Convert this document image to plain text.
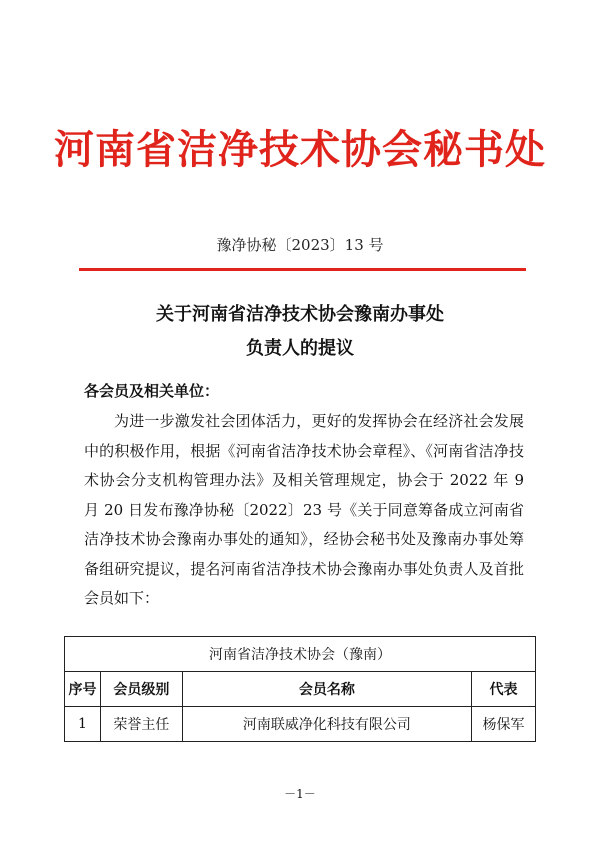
河南省洁净技术协会秘书处
豫净协秘〔2023〕13 号
关于河南省洁净技术协会豫南办事处
负责人的提议
各会员及相关单位：
为进一步激发社会团体活力，更好的发挥协会在经济社会发展中的积极作用，根据《河南省洁净技术协会章程》、《河南省洁净技术协会分支机构管理办法》及相关管理规定，协会于 2022 年 9 月 20 日发布豫净协秘〔2022〕23 号《关于同意筹备成立河南省洁净技术协会豫南办事处的通知》，经协会秘书处及豫南办事处筹备组研究提议，提名河南省洁净技术协会豫南办事处负责人及首批会员如下：
河南省洁净技术协会（豫南）			
序号	会员级别	会员名称	代表
1	荣誉主任	河南联威净化科技有限公司	杨保军
－1－
